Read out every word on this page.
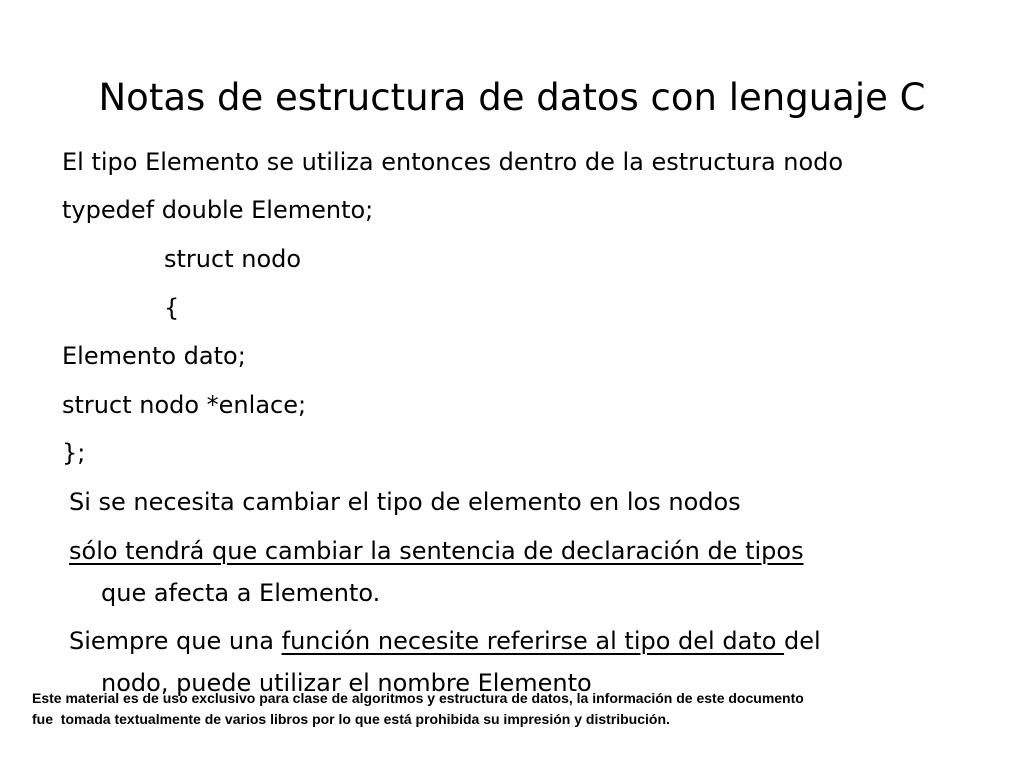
Notas de estructura de datos con lenguaje C
El tipo Elemento se utiliza entonces dentro de la estructura nodo
typedef double Elemento;
struct nodo
{
Elemento dato;
struct nodo *enlace;
};
Si se necesita cambiar el tipo de elemento en los nodos
sólo tendrá que cambiar la sentencia de declaración de tipos
que afecta a Elemento.
Siempre que una función necesite referirse al tipo del dato del
nodo, puede utilizar el nombre Elemento
Este material es de uso exclusivo para clase de algoritmos y estructura de datos, la información de este documento
fue  tomada textualmente de varios libros por lo que está prohibida su impresión y distribución.
